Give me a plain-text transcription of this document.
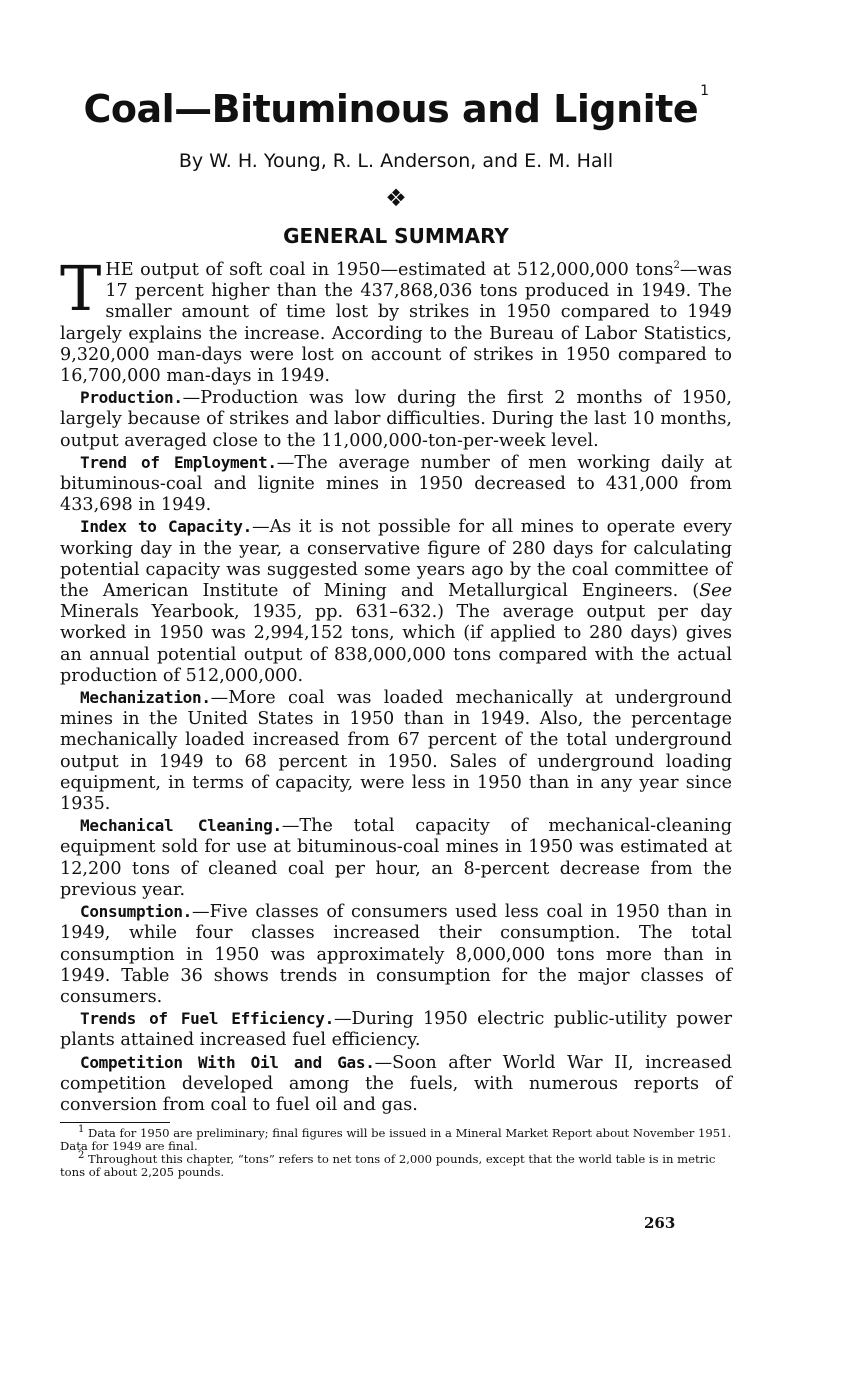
Coal—Bituminous and Lignite $^1$
By W. H. Young, R. L. Anderson, and E. M. Hall
❖
GENERAL SUMMARY

THE output of soft coal in 1950—estimated at 512,000,000 tons$^2$—was 17 percent higher than the 437,868,036 tons produced in 1949. The smaller amount of time lost by strikes in 1950 compared to 1949 largely explains the increase. According to the Bureau of Labor Statistics, 9,320,000 man-days were lost on account of strikes in 1950 compared to 16,700,000 man-days in 1949.

Production.—Production was low during the first 2 months of 1950, largely because of strikes and labor difficulties. During the last 10 months, output averaged close to the 11,000,000-ton-per-week level.

Trend of Employment.—The average number of men working daily at bituminous-coal and lignite mines in 1950 decreased to 431,000 from 433,698 in 1949.

Index to Capacity.—As it is not possible for all mines to operate every working day in the year, a conservative figure of 280 days for calculating potential capacity was suggested some years ago by the coal committee of the American Institute of Mining and Metallurgical Engineers. (See Minerals Yearbook, 1935, pp. 631–632.) The average output per day worked in 1950 was 2,994,152 tons, which (if applied to 280 days) gives an annual potential output of 838,000,000 tons compared with the actual production of 512,000,000.

Mechanization.—More coal was loaded mechanically at underground mines in the United States in 1950 than in 1949. Also, the percentage mechanically loaded increased from 67 percent of the total underground output in 1949 to 68 percent in 1950. Sales of underground loading equipment, in terms of capacity, were less in 1950 than in any year since 1935.

Mechanical Cleaning.—The total capacity of mechanical-cleaning equipment sold for use at bituminous-coal mines in 1950 was estimated at 12,200 tons of cleaned coal per hour, an 8-percent decrease from the previous year.

Consumption.—Five classes of consumers used less coal in 1950 than in 1949, while four classes increased their consumption. The total consumption in 1950 was approximately 8,000,000 tons more than in 1949. Table 36 shows trends in consumption for the major classes of consumers.

Trends of Fuel Efficiency.—During 1950 electric public-utility power plants attained increased fuel efficiency.

Competition With Oil and Gas.—Soon after World War II, increased competition developed among the fuels, with numerous reports of conversion from coal to fuel oil and gas.

1 Data for 1950 are preliminary; final figures will be issued in a Mineral Market Report about November 1951. Data for 1949 are final.

2 Throughout this chapter, “tons” refers to net tons of 2,000 pounds, except that the world table is in metric tons of about 2,205 pounds.

263
